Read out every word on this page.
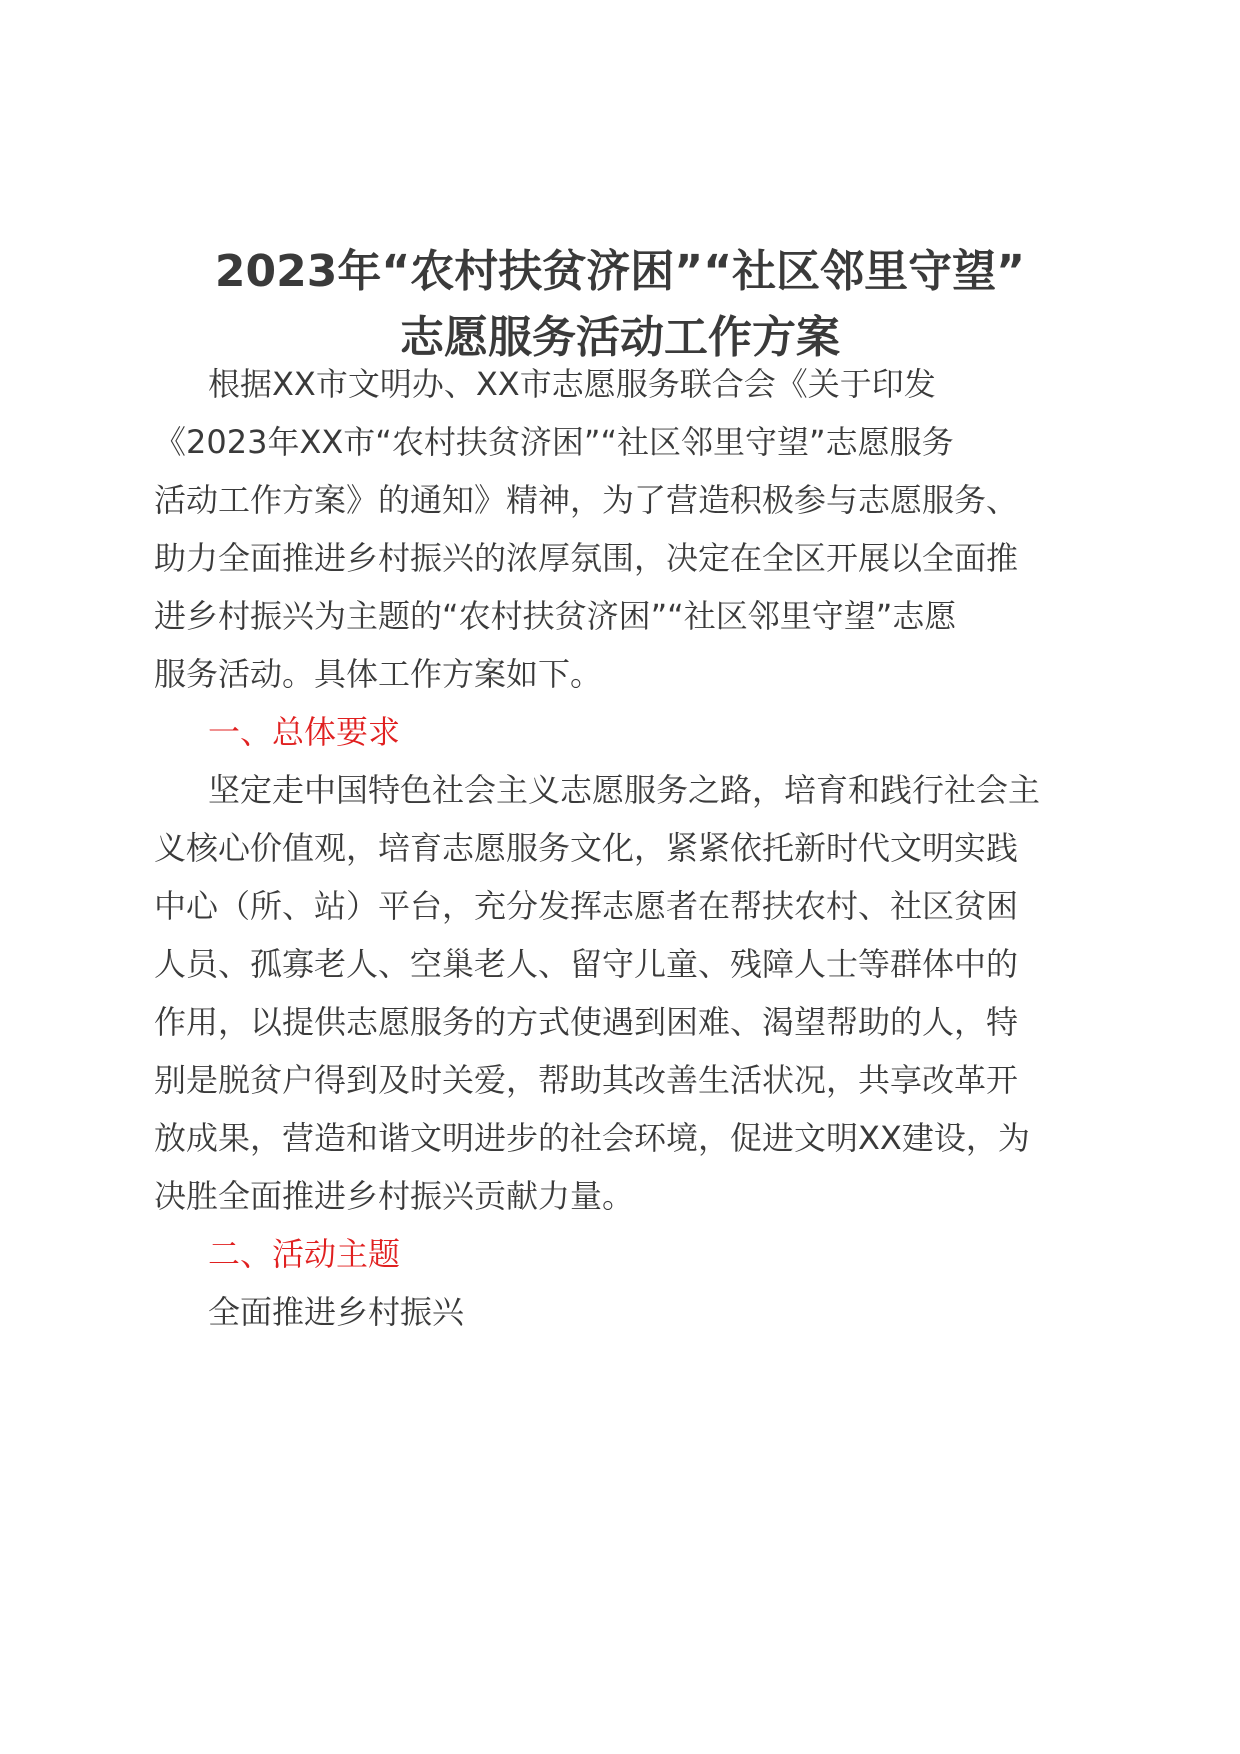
2023年“农村扶贫济困”“社区邻里守望”
志愿服务活动工作方案
根据XX市文明办、XX市志愿服务联合会《关于印发
《2023年XX市“农村扶贫济困”“社区邻里守望”志愿服务
活动工作方案》的通知》精神，为了营造积极参与志愿服务、
助力全面推进乡村振兴的浓厚氛围，决定在全区开展以全面推
进乡村振兴为主题的“农村扶贫济困”“社区邻里守望”志愿
服务活动。具体工作方案如下。
一、总体要求
坚定走中国特色社会主义志愿服务之路，培育和践行社会主
义核心价值观，培育志愿服务文化，紧紧依托新时代文明实践
中心（所、站）平台，充分发挥志愿者在帮扶农村、社区贫困
人员、孤寡老人、空巢老人、留守儿童、残障人士等群体中的
作用，以提供志愿服务的方式使遇到困难、渴望帮助的人，特
别是脱贫户得到及时关爱，帮助其改善生活状况，共享改革开
放成果，营造和谐文明进步的社会环境，促进文明XX建设，为
决胜全面推进乡村振兴贡献力量。
二、活动主题
全面推进乡村振兴
